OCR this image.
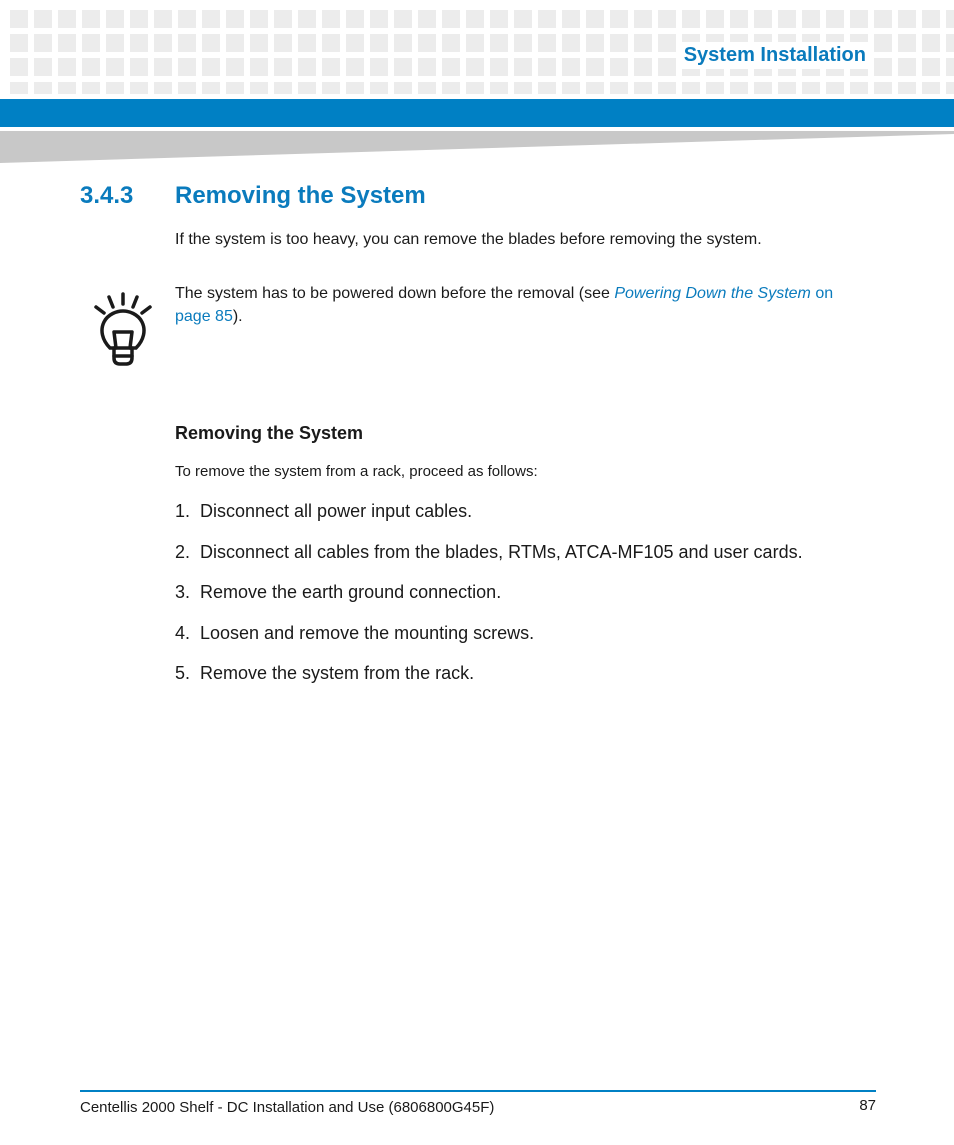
System Installation
3.4.3 Removing the System
If the system is too heavy, you can remove the blades before removing the system.
The system has to be powered down before the removal (see Powering Down the System on
page 85).
Removing the System
To remove the system from a rack, proceed as follows:
1. Disconnect all power input cables.
2. Disconnect all cables from the blades, RTMs, ATCA-MF105 and user cards.
3. Remove the earth ground connection.
4. Loosen and remove the mounting screws.
5. Remove the system from the rack.
Centellis 2000 Shelf - DC Installation and Use (6806800G45F)	87
